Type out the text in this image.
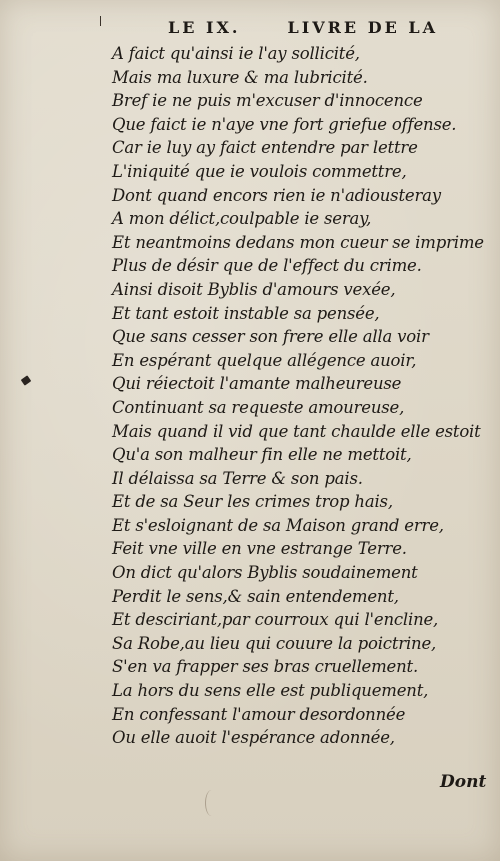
LE IX.	LIVRE DE LA
A faict qu'ainsi ie l'ay sollicité,
Mais ma luxure & ma lubricité.
Bref ie ne puis m'excuser d'innocence
Que faict ie n'aye vne fort griefue offense.
Car ie luy ay faict entendre par lettre
L'iniquité que ie voulois commettre,
Dont quand encors rien ie n'adiousteray
A mon délict,coulpable ie seray,
Et neantmoins dedans mon cueur se imprime
Plus de désir que de l'effect du crime.
Ainsi disoit Byblis d'amours vexée,
Et tant estoit instable sa pensée,
Que sans cesser son frere elle alla voir
En espérant quelque allégence auoir,
Qui réiectoit l'amante malheureuse
Continuant sa requeste amoureuse,
Mais quand il vid que tant chaulde elle estoit
Qu'a son malheur fin elle ne mettoit,
Il délaissa sa Terre & son pais.
Et de sa Seur les crimes trop hais,
Et s'esloignant de sa Maison grand erre,
Feit vne ville en vne estrange Terre.
On dict qu'alors Byblis soudainement
Perdit le sens,& sain entendement,
Et desciriant,par courroux qui l'encline,
Sa Robe,au lieu qui couure la poictrine,
S'en va frapper ses bras cruellement.
La hors du sens elle est publiquement,
En confessant l'amour desordonnée
Ou elle auoit l'espérance adonnée,
Dont
